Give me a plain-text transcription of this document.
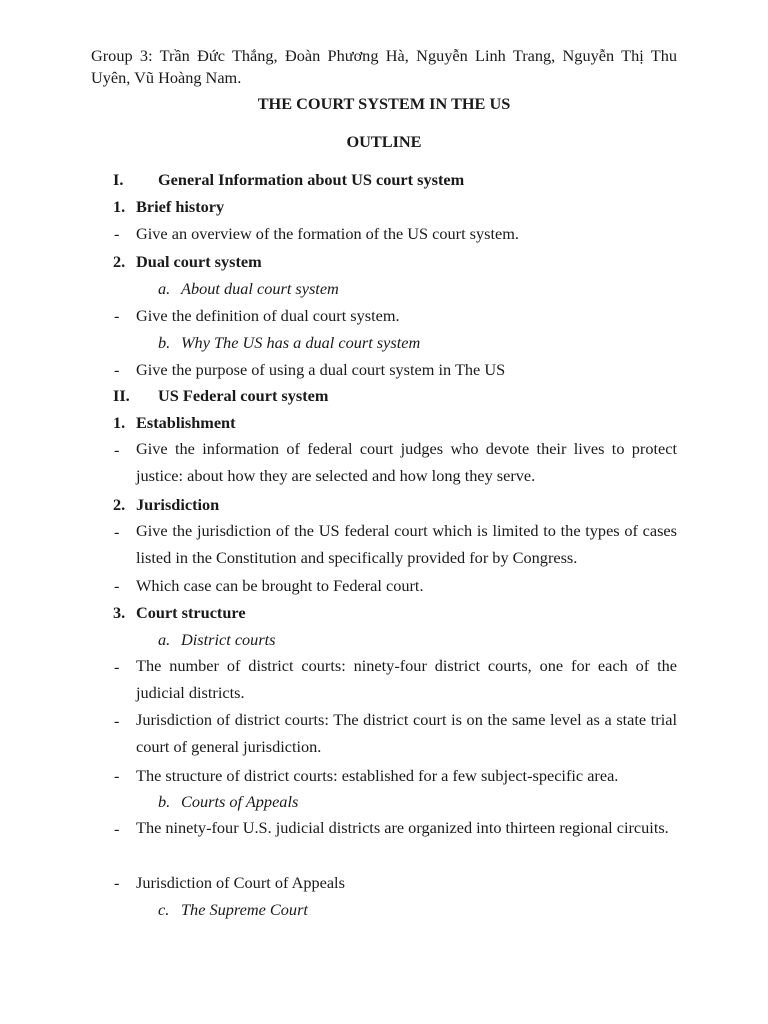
Group 3: Trần Đức Thắng, Đoàn Phương Hà, Nguyễn Linh Trang, Nguyễn Thị Thu Uyên, Vũ Hoàng Nam.
THE COURT SYSTEM IN THE US
OUTLINE
I. General Information about US court system
1. Brief history
- Give an overview of the formation of the US court system.
2. Dual court system
a. About dual court system
- Give the definition of dual court system.
b. Why The US has a dual court system
- Give the purpose of using a dual court system in The US
II. US Federal court system
1. Establishment
- Give the information of federal court judges who devote their lives to protect justice: about how they are selected and how long they serve.
2. Jurisdiction
- Give the jurisdiction of the US federal court which is limited to the types of cases listed in the Constitution and specifically provided for by Congress.
- Which case can be brought to Federal court.
3. Court structure
a. District courts
- The number of district courts: ninety-four district courts, one for each of the judicial districts.
- Jurisdiction of district courts: The district court is on the same level as a state trial court of general jurisdiction.
- The structure of district courts: established for a few subject-specific area.
b. Courts of Appeals
- The ninety-four U.S. judicial districts are organized into thirteen regional circuits.
- Jurisdiction of Court of Appeals
c. The Supreme Court
